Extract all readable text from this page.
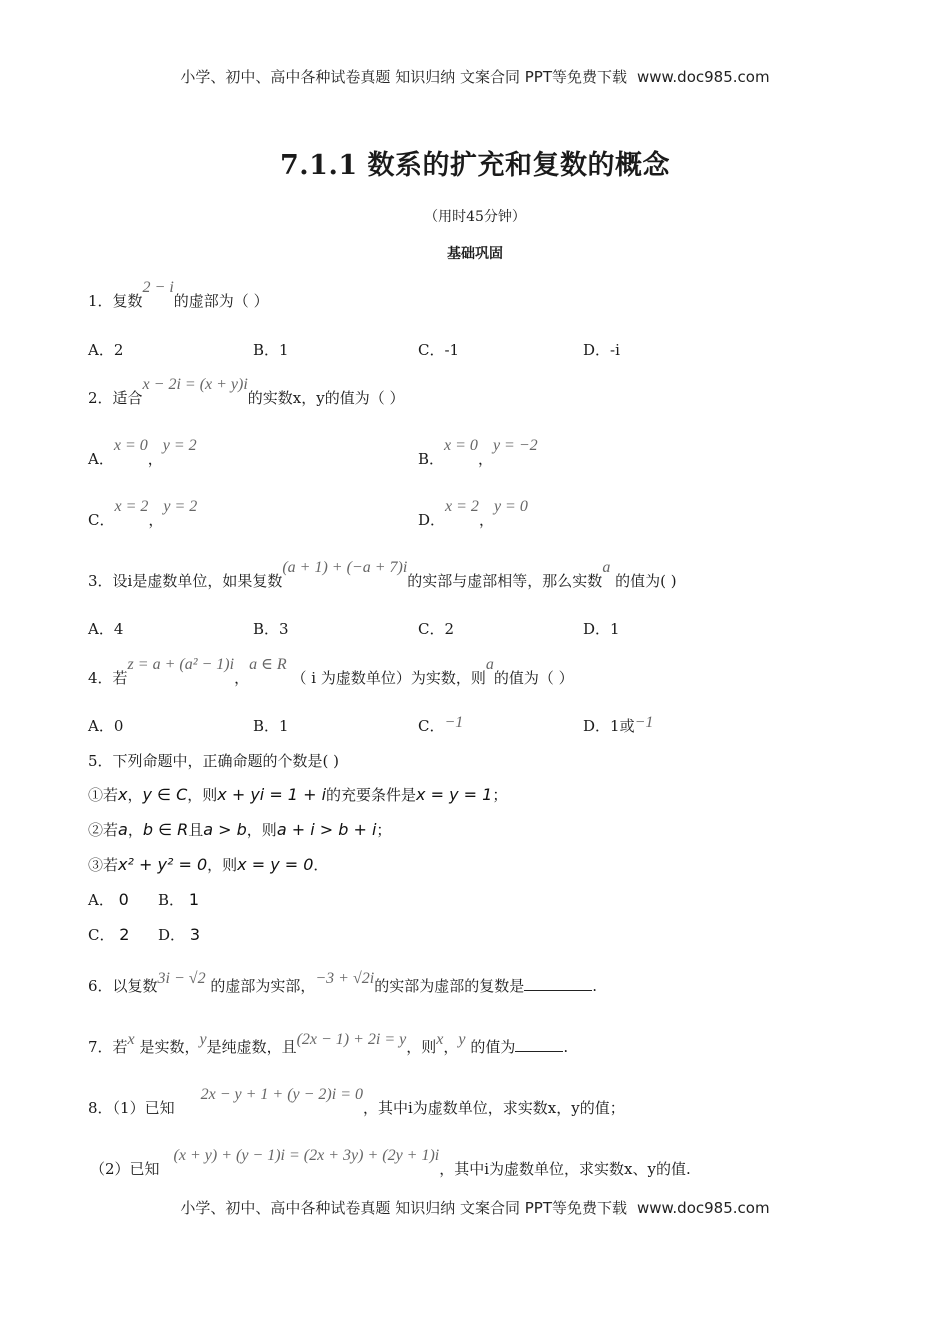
小学、初中、高中各种试卷真题 知识归纳 文案合同 PPT等免费下载 www.doc985.com
7.1.1 数系的扩充和复数的概念
（用时45分钟）
基础巩固
1．复数2 − i的虚部为（ ）
A．2	B．1	C．-1	D．-i
2．适合x − 2i = (x + y)i的实数x，y的值为（ ）
A．x = 0，y = 2
B．x = 0，y = −2
C．x = 2，y = 2
D．x = 2，y = 0
3．设i是虚数单位，如果复数(a + 1) + (−a + 7)i的实部与虚部相等，那么实数a 的值为( )
A．4	B．3	C．2	D．1
4．若z = a + (a² − 1)i，a ∈ R （ i 为虚数单位）为实数，则a的值为（ ）
A．0	B．1	C．−1	D．1或−1
5．下列命题中，正确命题的个数是( )
①若x，y ∈ C，则x + yi = 1 + i的充要条件是x = y = 1；
②若a，b ∈ R且a > b，则a + i > b + i；
③若x² + y² = 0，则x = y = 0．
A． 0 B． 1
C． 2 D． 3
6．以复数3i − √2 的虚部为实部，−3 + √2i的实部为虚部的复数是	.
7．若x 是实数，y是纯虚数，且(2x − 1) + 2i = y，则x，y 的值为	.
8．（1）已知2x − y + 1 + (y − 2)i = 0，其中i为虚数单位，求实数x，y的值；
（2）已知(x + y) + (y − 1)i = (2x + 3y) + (2y + 1)i，其中i为虚数单位，求实数x、y的值.
小学、初中、高中各种试卷真题 知识归纳 文案合同 PPT等免费下载 www.doc985.com
